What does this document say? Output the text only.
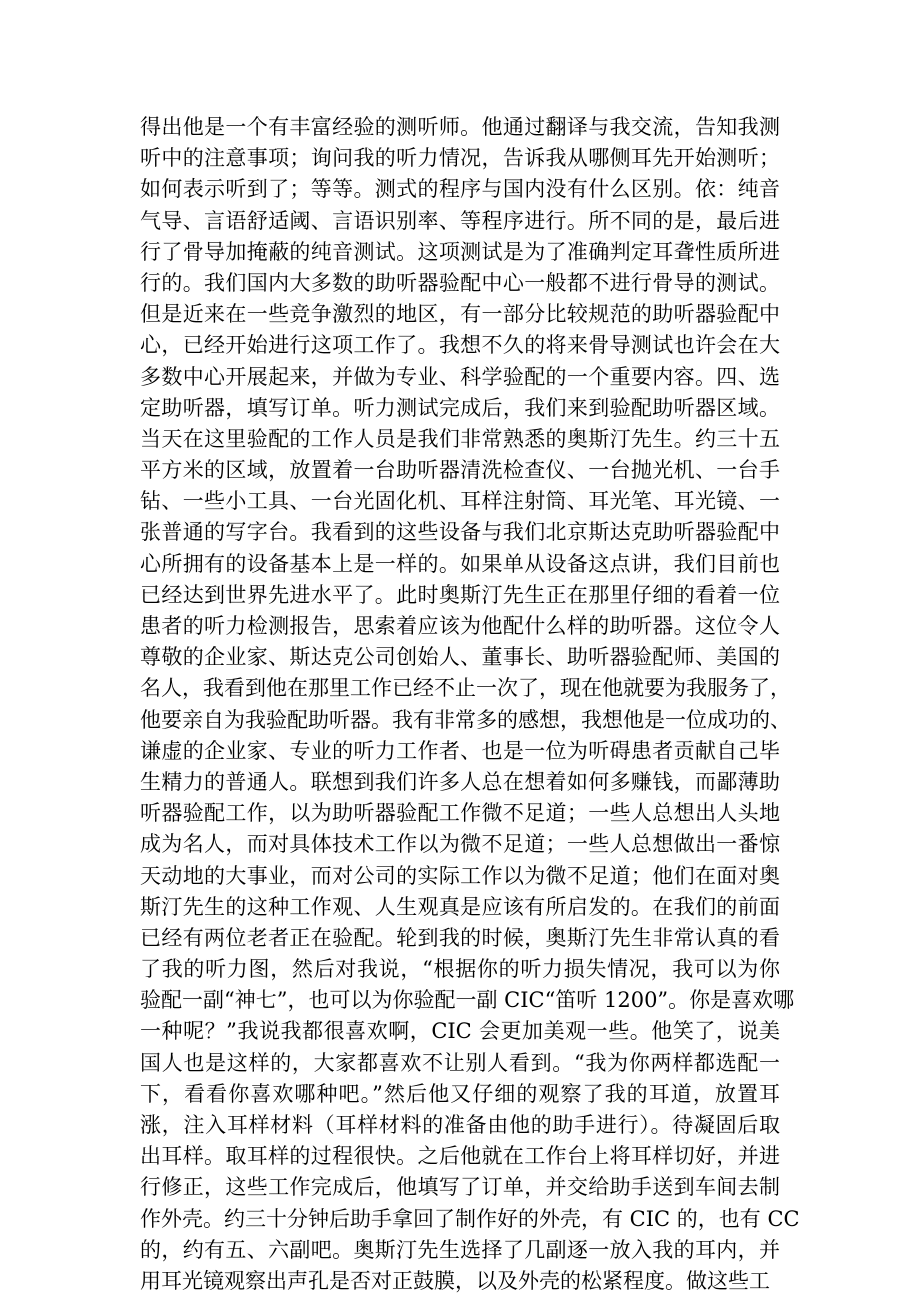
得出他是一个有丰富经验的测听师。他通过翻译与我交流，告知我测
听中的注意事项；询问我的听力情况，告诉我从哪侧耳先开始测听；
如何表示听到了；等等。测式的程序与国内没有什么区别。依：纯音
气导、言语舒适阈、言语识别率、等程序进行。所不同的是，最后进
行了骨导加掩蔽的纯音测试。这项测试是为了准确判定耳聋性质所进
行的。我们国内大多数的助听器验配中心一般都不进行骨导的测试。
但是近来在一些竞争激烈的地区，有一部分比较规范的助听器验配中
心，已经开始进行这项工作了。我想不久的将来骨导测试也许会在大
多数中心开展起来，并做为专业、科学验配的一个重要内容。四、选
定助听器，填写订单。听力测试完成后，我们来到验配助听器区域。
当天在这里验配的工作人员是我们非常熟悉的奥斯汀先生。约三十五
平方米的区域，放置着一台助听器清洗检查仪、一台抛光机、一台手
钻、一些小工具、一台光固化机、耳样注射筒、耳光笔、耳光镜、一
张普通的写字台。我看到的这些设备与我们北京斯达克助听器验配中
心所拥有的设备基本上是一样的。如果单从设备这点讲，我们目前也
已经达到世界先进水平了。此时奥斯汀先生正在那里仔细的看着一位
患者的听力检测报告，思索着应该为他配什么样的助听器。这位令人
尊敬的企业家、斯达克公司创始人、董事长、助听器验配师、美国的
名人，我看到他在那里工作已经不止一次了，现在他就要为我服务了，
他要亲自为我验配助听器。我有非常多的感想，我想他是一位成功的、
谦虚的企业家、专业的听力工作者、也是一位为听碍患者贡献自己毕
生精力的普通人。联想到我们许多人总在想着如何多赚钱，而鄙薄助
听器验配工作，以为助听器验配工作微不足道；一些人总想出人头地
成为名人，而对具体技术工作以为微不足道；一些人总想做出一番惊
天动地的大事业，而对公司的实际工作以为微不足道；他们在面对奥
斯汀先生的这种工作观、人生观真是应该有所启发的。在我们的前面
已经有两位老者正在验配。轮到我的时候，奥斯汀先生非常认真的看
了我的听力图，然后对我说，“根据你的听力损失情况，我可以为你
验配一副“神七”，也可以为你验配一副 CIC“笛听 1200”。你是喜欢哪
一种呢？”我说我都很喜欢啊，CIC 会更加美观一些。他笑了，说美
国人也是这样的，大家都喜欢不让别人看到。“我为你两样都选配一
下，看看你喜欢哪种吧。”然后他又仔细的观察了我的耳道，放置耳
涨，注入耳样材料（耳样材料的准备由他的助手进行）。待凝固后取
出耳样。取耳样的过程很快。之后他就在工作台上将耳样切好，并进
行修正，这些工作完成后，他填写了订单，并交给助手送到车间去制
作外壳。约三十分钟后助手拿回了制作好的外壳，有 CIC 的，也有 CC
的，约有五、六副吧。奥斯汀先生选择了几副逐一放入我的耳内，并
用耳光镜观察出声孔是否对正鼓膜，以及外壳的松紧程度。做这些工
